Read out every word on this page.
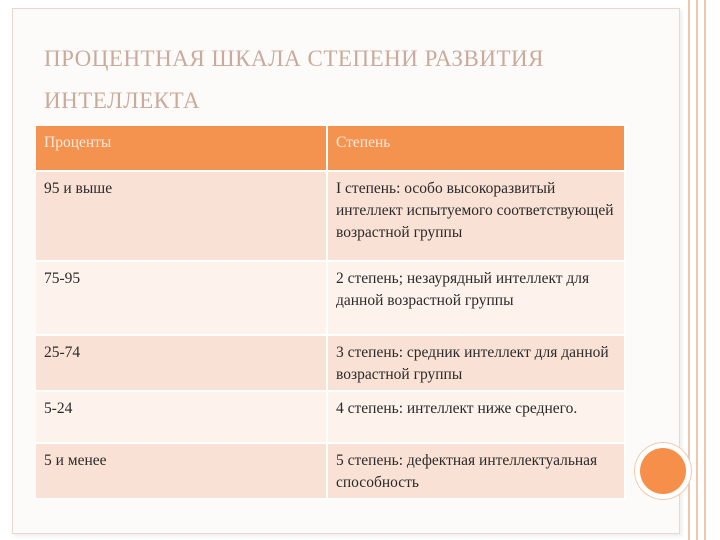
ПРОЦЕНТНАЯ ШКАЛА СТЕПЕНИ РАЗВИТИЯ
ИНТЕЛЛЕКТА
Проценты	Степень
95 и выше	I степень: особо высокоразвитый интеллект испытуемого соответствующей возрастной группы
75-95	2 степень; незаурядный интеллект для данной возрастной группы
25-74	3 степень: средник интеллект для данной возрастной группы
5-24	4 степень: интеллект ниже среднего.
5 и менее	5 степень: дефектная интеллектуальная способность
